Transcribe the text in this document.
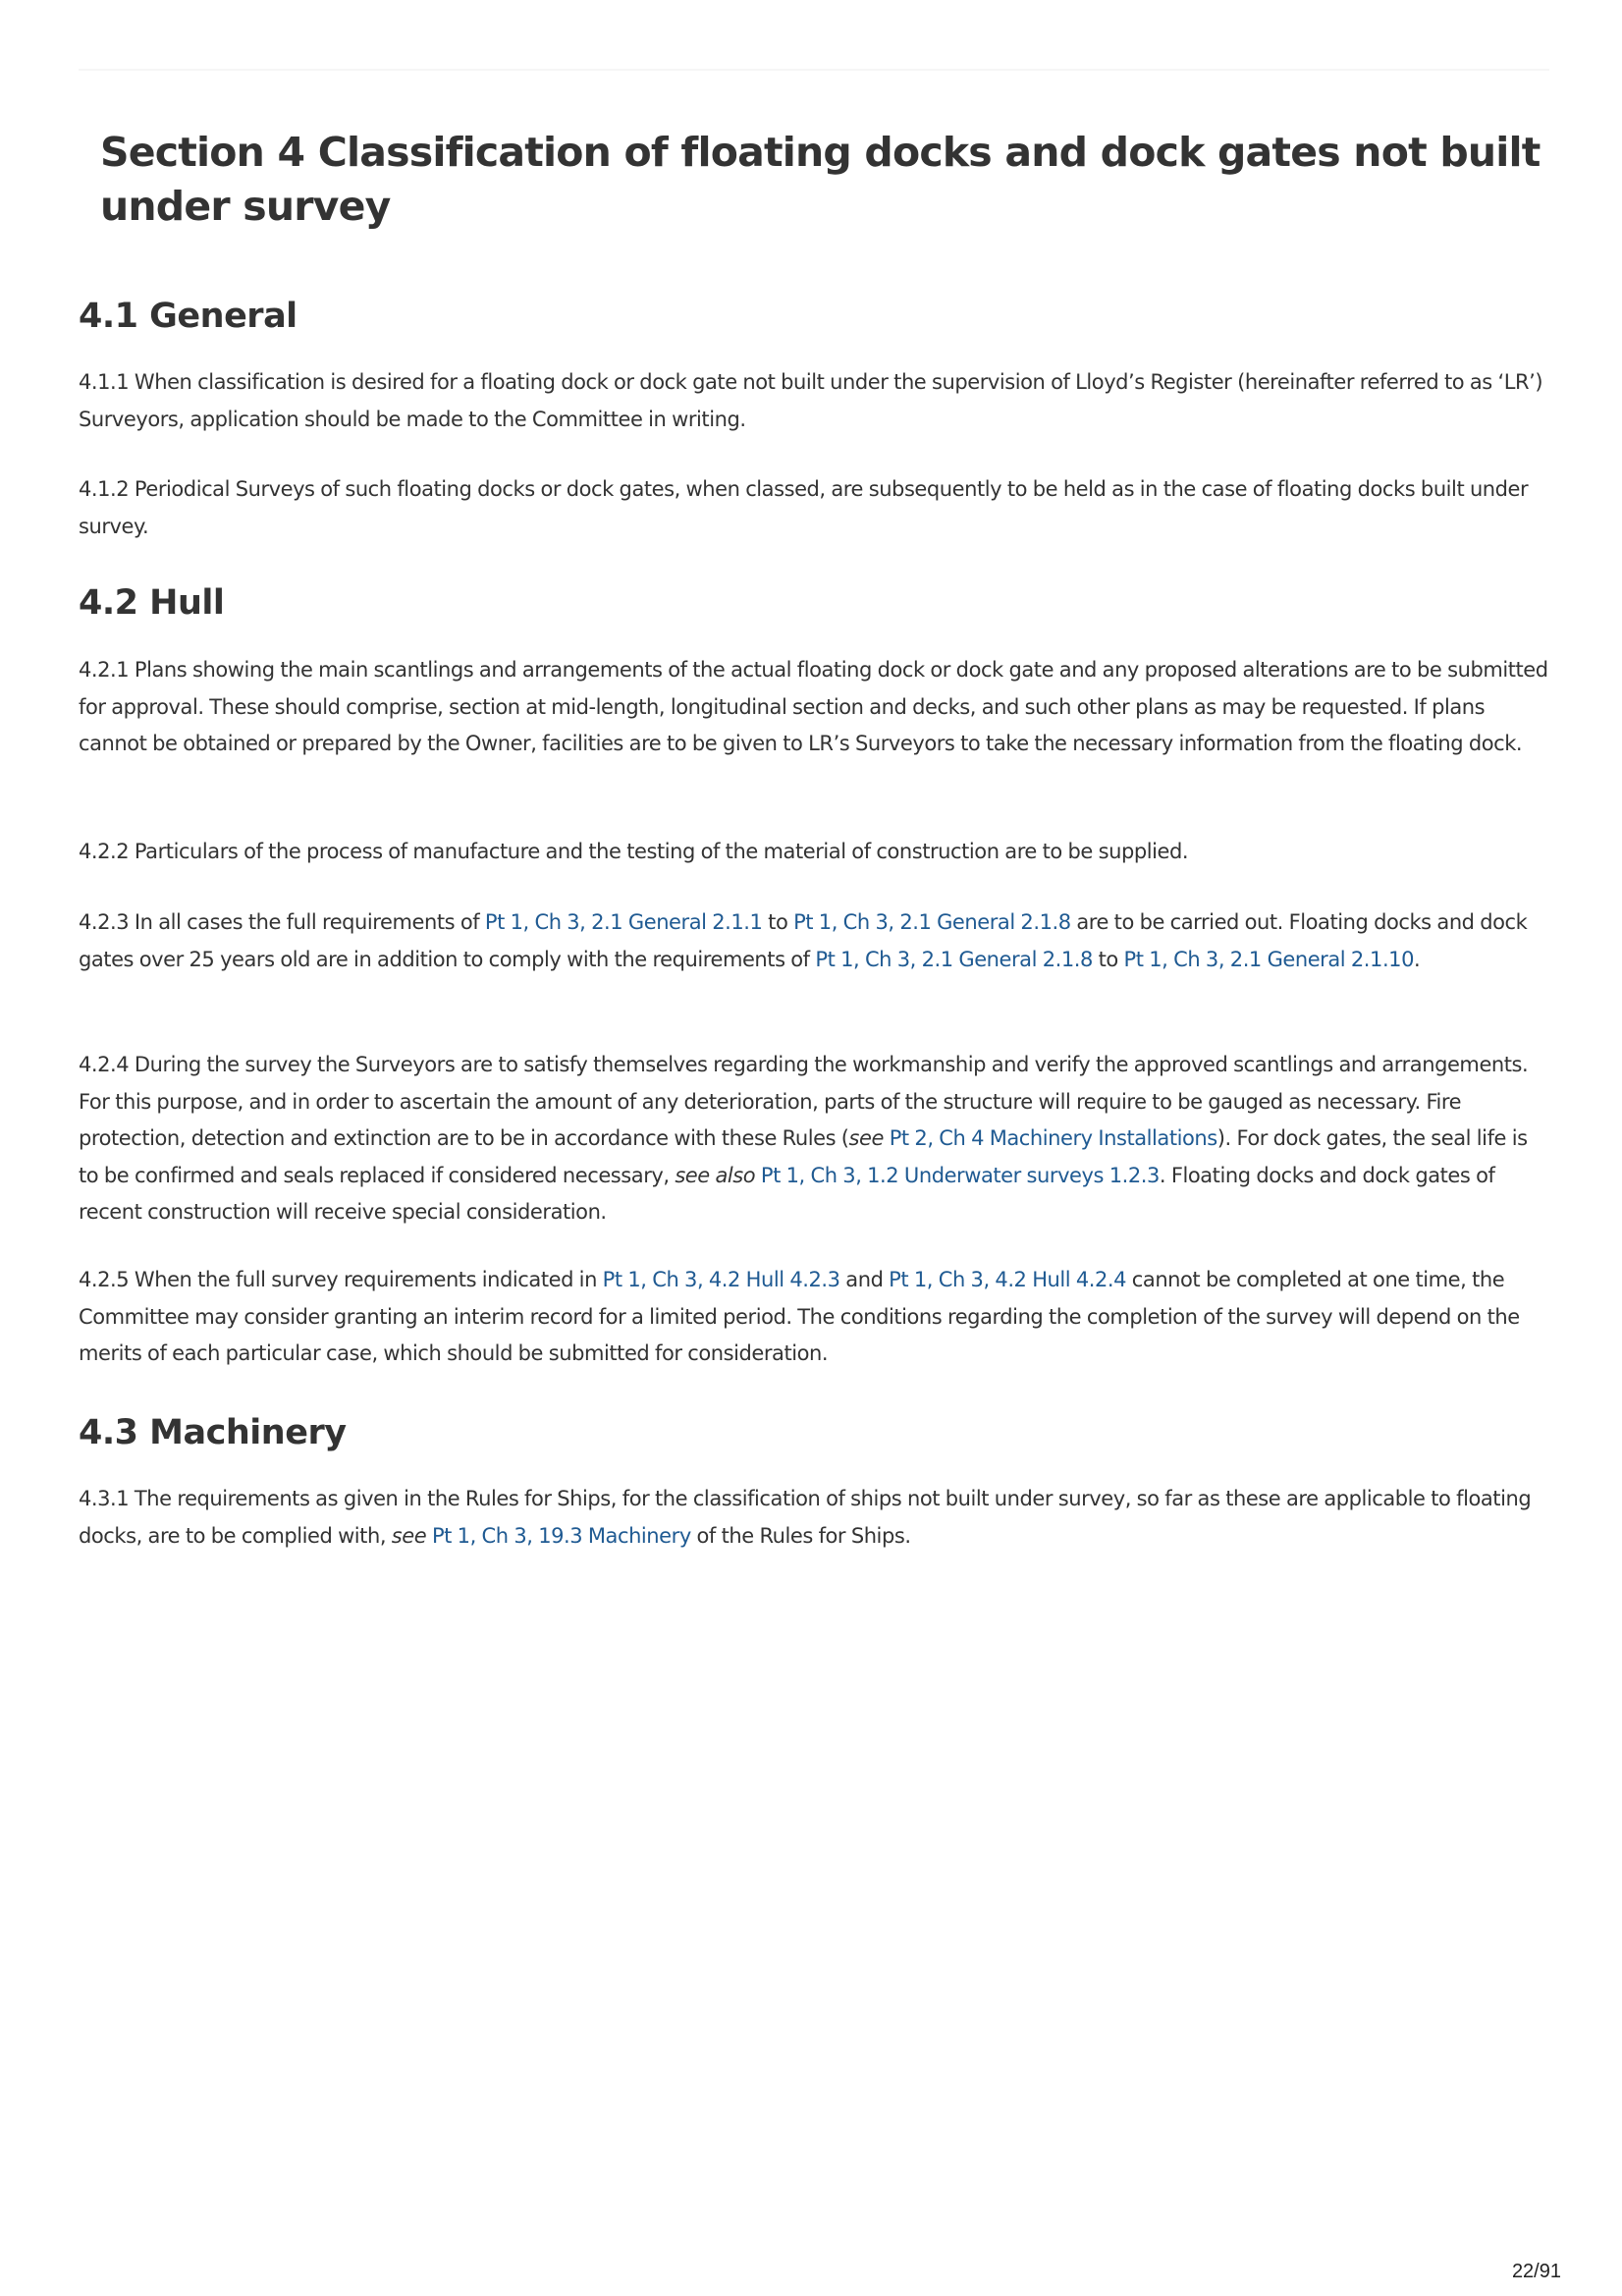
Section 4 Classification of floating docks and dock gates not built under survey
4.1 General

4.1.1 When classification is desired for a floating dock or dock gate not built under the supervision of Lloyd’s Register (hereinafter referred to as ‘LR’) Surveyors, application should be made to the Committee in writing.

4.1.2 Periodical Surveys of such floating docks or dock gates, when classed, are subsequently to be held as in the case of floating docks built under survey.

4.2 Hull

4.2.1 Plans showing the main scantlings and arrangements of the actual floating dock or dock gate and any proposed alterations are to be submitted for approval. These should comprise, section at mid-length, longitudinal section and decks, and such other plans as may be requested. If plans cannot be obtained or prepared by the Owner, facilities are to be given to LR’s Surveyors to take the necessary information from the floating dock.

4.2.2 Particulars of the process of manufacture and the testing of the material of construction are to be supplied.

4.2.3 In all cases the full requirements of Pt 1, Ch 3, 2.1 General 2.1.1 to Pt 1, Ch 3, 2.1 General 2.1.8 are to be carried out. Floating docks and dock gates over 25 years old are in addition to comply with the requirements of Pt 1, Ch 3, 2.1 General 2.1.8 to Pt 1, Ch 3, 2.1 General 2.1.10.

4.2.4 During the survey the Surveyors are to satisfy themselves regarding the workmanship and verify the approved scantlings and arrangements. For this purpose, and in order to ascertain the amount of any deterioration, parts of the structure will require to be gauged as necessary. Fire protection, detection and extinction are to be in accordance with these Rules (see Pt 2, Ch 4 Machinery Installations). For dock gates, the seal life is to be confirmed and seals replaced if considered necessary, see also Pt 1, Ch 3, 1.2 Underwater surveys 1.2.3. Floating docks and dock gates of recent construction will receive special consideration.

4.2.5 When the full survey requirements indicated in Pt 1, Ch 3, 4.2 Hull 4.2.3 and Pt 1, Ch 3, 4.2 Hull 4.2.4 cannot be completed at one time, the Committee may consider granting an interim record for a limited period. The conditions regarding the completion of the survey will depend on the merits of each particular case, which should be submitted for consideration.

4.3 Machinery

4.3.1 The requirements as given in the Rules for Ships, for the classification of ships not built under survey, so far as these are applicable to floating docks, are to be complied with, see Pt 1, Ch 3, 19.3 Machinery of the Rules for Ships.

22/91
